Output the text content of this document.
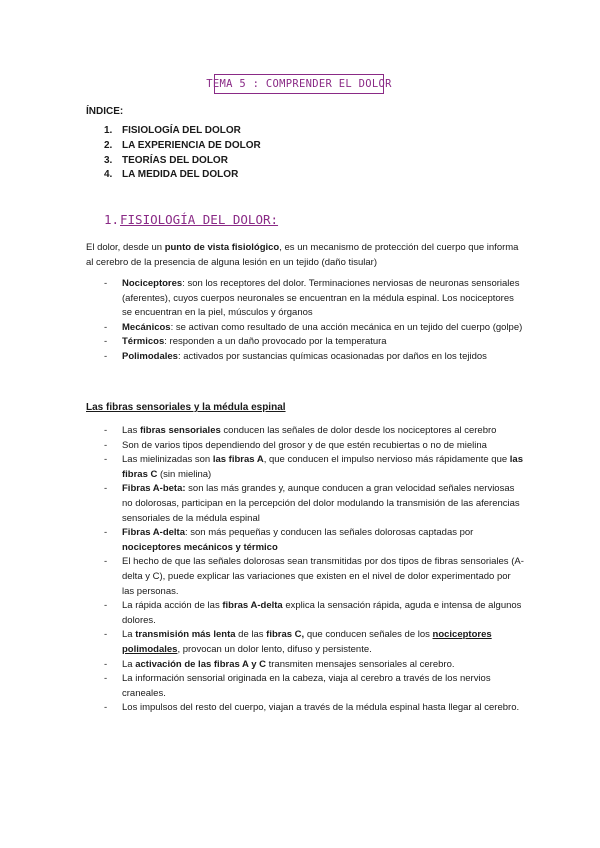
TEMA 5 : COMPRENDER EL DOLOR
ÍNDICE:
1. FISIOLOGÍA DEL DOLOR
2. LA EXPERIENCIA DE DOLOR
3. TEORÍAS DEL DOLOR
4. LA MEDIDA DEL DOLOR
1.FISIOLOGÍA DEL DOLOR:

El dolor, desde un punto de vista fisiológico, es un mecanismo de protección del cuerpo que informa al cerebro de la presencia de alguna lesión en un tejido (daño tisular)

- Nociceptores: son los receptores del dolor. Terminaciones nerviosas de neuronas sensoriales (aferentes), cuyos cuerpos neuronales se encuentran en la médula espinal. Los nociceptores se encuentran en la piel, músculos y órganos
- Mecánicos: se activan como resultado de una acción mecánica en un tejido del cuerpo (golpe)
- Térmicos: responden a un daño provocado por la temperatura
- Polimodales: activados por sustancias químicas ocasionadas por daños en los tejidos
Las fibras sensoriales y la médula espinal
- Las fibras sensoriales conducen las señales de dolor desde los nociceptores al cerebro
- Son de varios tipos dependiendo del grosor y de que estén recubiertas o no de mielina
- Las mielinizadas son las fibras A, que conducen el impulso nervioso más rápidamente que las fibras C (sin mielina)
- Fibras A-beta: son las más grandes y, aunque conducen a gran velocidad señales nerviosas no dolorosas, participan en la percepción del dolor modulando la transmisión de las aferencias sensoriales de la médula espinal
- Fibras A-delta: son más pequeñas y conducen las señales dolorosas captadas por nociceptores mecánicos y térmico
- El hecho de que las señales dolorosas sean transmitidas por dos tipos de fibras sensoriales (A-delta y C), puede explicar las variaciones que existen en el nivel de dolor experimentado por las personas.
- La rápida acción de las fibras A-delta explica la sensación rápida, aguda e intensa de algunos dolores.
- La transmisión más lenta de las fibras C, que conducen señales de los nociceptores polimodales, provocan un dolor lento, difuso y persistente.
- La activación de las fibras A y C transmiten mensajes sensoriales al cerebro.
- La información sensorial originada en la cabeza, viaja al cerebro a través de los nervios craneales.
- Los impulsos del resto del cuerpo, viajan a través de la médula espinal hasta llegar al cerebro.
